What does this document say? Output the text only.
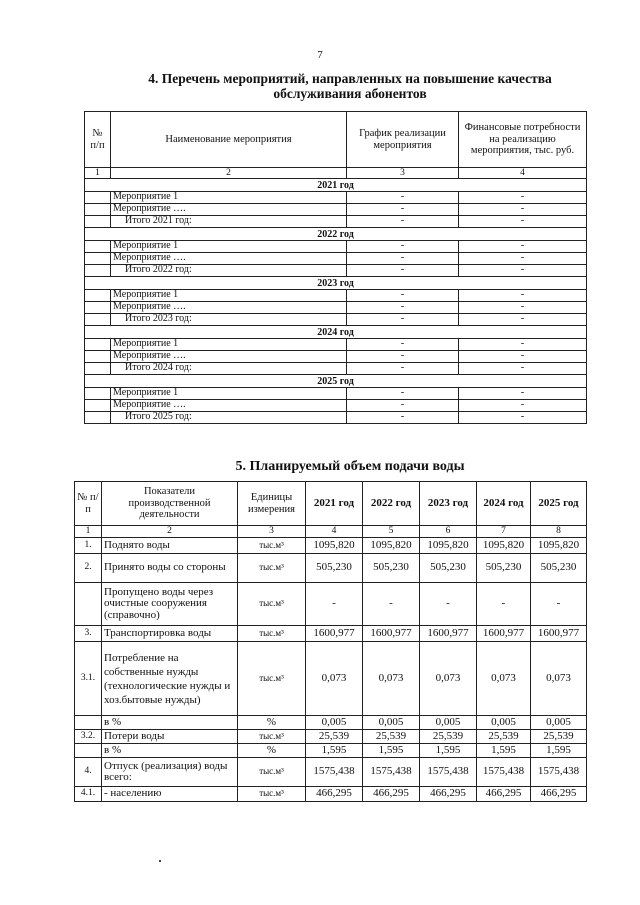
7
4. Перечень мероприятий, направленных на повышение качества
обслуживания абонентов
№ п/п	Наименование мероприятия	График реализации мероприятия	Финансовые потребности на реализацию мероприятия, тыс. руб.
1	2	3	4
2021 год			
	Мероприятие 1	-	-
	Мероприятие ….	-	-
	Итого 2021 год:	-	-
2022 год			
	Мероприятие 1	-	-
	Мероприятие ….	-	-
	Итого 2022 год:	-	-
2023 год			
	Мероприятие 1	-	-
	Мероприятие ….	-	-
	Итого 2023 год:	-	-
2024 год			
	Мероприятие 1	-	-
	Мероприятие ….	-	-
	Итого 2024 год:	-	-
2025 год			
	Мероприятие 1	-	-
	Мероприятие ….	-	-
	Итого 2025 год:	-	-
5. Планируемый объем подачи воды
№ п/п	Показатели производственной деятельности	Единицы измерения	2021 год	2022 год	2023 год	2024 год	2025 год
1	2	3	4	5	6	7	8
1.	Поднято воды	тыс.м³	1095,820	1095,820	1095,820	1095,820	1095,820
2.	Принято воды со стороны	тыс.м³	505,230	505,230	505,230	505,230	505,230
	Пропущено воды через очистные сооружения (справочно)	тыс.м³	-	-	-	-	-
3.	Транспортировка воды	тыс.м³	1600,977	1600,977	1600,977	1600,977	1600,977
3.1.	Потребление на собственные нужды (технологические нужды и хоз.бытовые нужды)	тыс.м³	0,073	0,073	0,073	0,073	0,073
	в %	%	0,005	0,005	0,005	0,005	0,005
3.2.	Потери воды	тыс.м³	25,539	25,539	25,539	25,539	25,539
	в %	%	1,595	1,595	1,595	1,595	1,595
4.	Отпуск (реализация) воды всего:	тыс.м³	1575,438	1575,438	1575,438	1575,438	1575,438
4.1.	- населению	тыс.м³	466,295	466,295	466,295	466,295	466,295
